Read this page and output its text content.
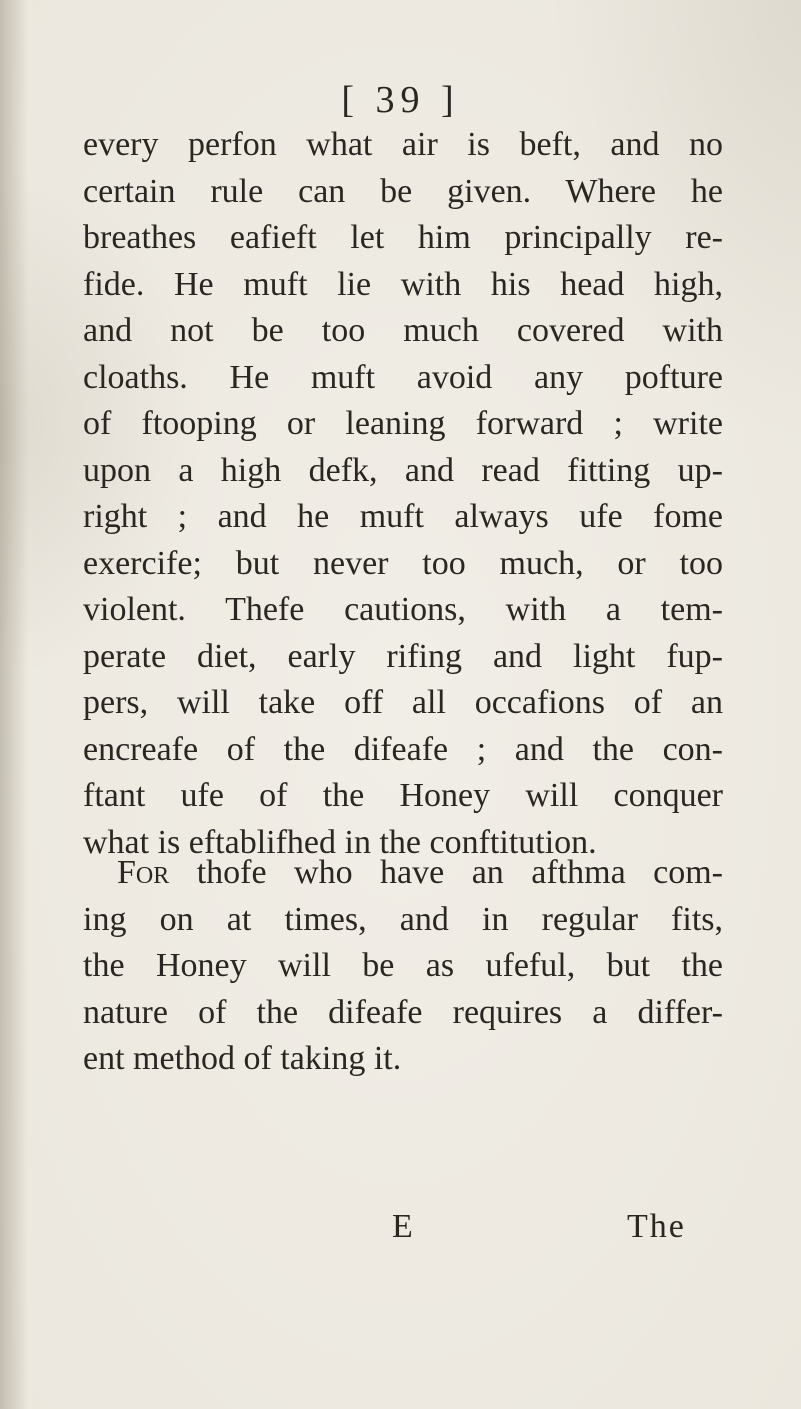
[ 39 ]
every perfon what air is beft, and no
certain rule can be given. Where he
breathes eafieft let him principally re-
fide. He muft lie with his head high,
and not be too much covered with
cloaths. He muft avoid any pofture
of ftooping or leaning forward ; write
upon a high defk, and read fitting up-
right ; and he muft always ufe fome
exercife; but never too much, or too
violent. Thefe cautions, with a tem-
perate diet, early rifing and light fup-
pers, will take off all occafions of an
encreafe of the difeafe ; and the con-
ftant ufe of the Honey will conquer
what is eftablifhed in the conftitution.
For thofe who have an afthma com-
ing on at times, and in regular fits,
the Honey will be as ufeful, but the
nature of the difeafe requires a differ-
ent method of taking it.
E	The
